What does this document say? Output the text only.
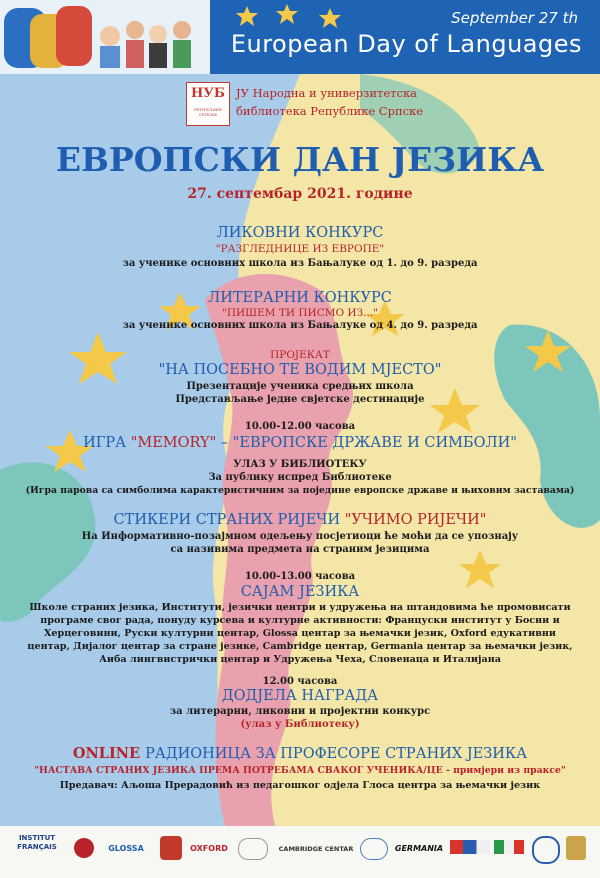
September 27 th
European Day of Languages
НУБ
РЕПУБЛИКЕ СРПСКЕ
ЈУ Народна и универзитетска
библиотека Републике Српске
ЕВРОПСКИ ДАН ЈЕЗИКА
27. септембар 2021. године
ЛИКОВНИ КОНКУРС
"РАЗГЛЕДНИЦЕ ИЗ ЕВРОПЕ"
за ученике основних школа из Бањалуке од 1. до 9. разреда
ЛИТЕРАРНИ КОНКУРС
"ПИШЕМ ТИ ПИСМО ИЗ..."
за ученике основних школа из Бањалуке од 4. до 9. разреда
ПРОЈЕКАТ
"НА ПОСЕБНО ТЕ ВОДИМ МЈЕСТО"
Презентације ученика средњих школа
Представљање једне свјетске дестинације
10.00-12.00 часова
ИГРА "MEMORY" – "ЕВРОПСКЕ ДРЖАВЕ И СИМБОЛИ"
УЛАЗ У БИБЛИОТЕКУ
За публику испред Библиотеке
(Игра парова са симболима карактеристичним за поједине европске државе и њиховим заставама)
СТИКЕРИ СТРАНИХ РИЈЕЧИ "УЧИМО РИЈЕЧИ"
На Информативно-позајмном одељењу посјетиоци ће моћи да се упознају
са називима предмета на страним језицима
10.00-13.00 часова
САЈАМ ЈЕЗИКА
Школе страних језика, Институти, језички центри и удружења на штандовима ће промовисати
програме свог рада, понуду курсева и културне активности: Француски институт у Босни и
Херцеговини, Руски културни центар, Glossa центар за њемачки језик, Oxford едукативни
центар, Дијалог центар за стране језике, Cambridge центар, Germania центар за њемачки језик,
Аиба лингвистрички центар и Удружења Чеха, Словенаца и Италијана
12.00 часова
ДОДЈЕЛА НАГРАДА
за литерарни, ликовни и пројектни конкурс
(улаз у Библиотеку)
ONLINE РАДИОНИЦА ЗА ПРОФЕСОРЕ СТРАНИХ ЈЕЗИКА
"НАСТАВА СТРАНИХ ЈЕЗИКА ПРЕМА ПОТРЕБАМА СВАКОГ УЧЕНИКА/ЦЕ - примјери из праксе"
Предавач: Аљоша Прерадовић из педагошког одјела Глоса центра за њемачки језик
INSTITUT FRANÇAIS	GLOSSA	OXFORD	CAMBRIDGE CENTAR	GERMANIA
